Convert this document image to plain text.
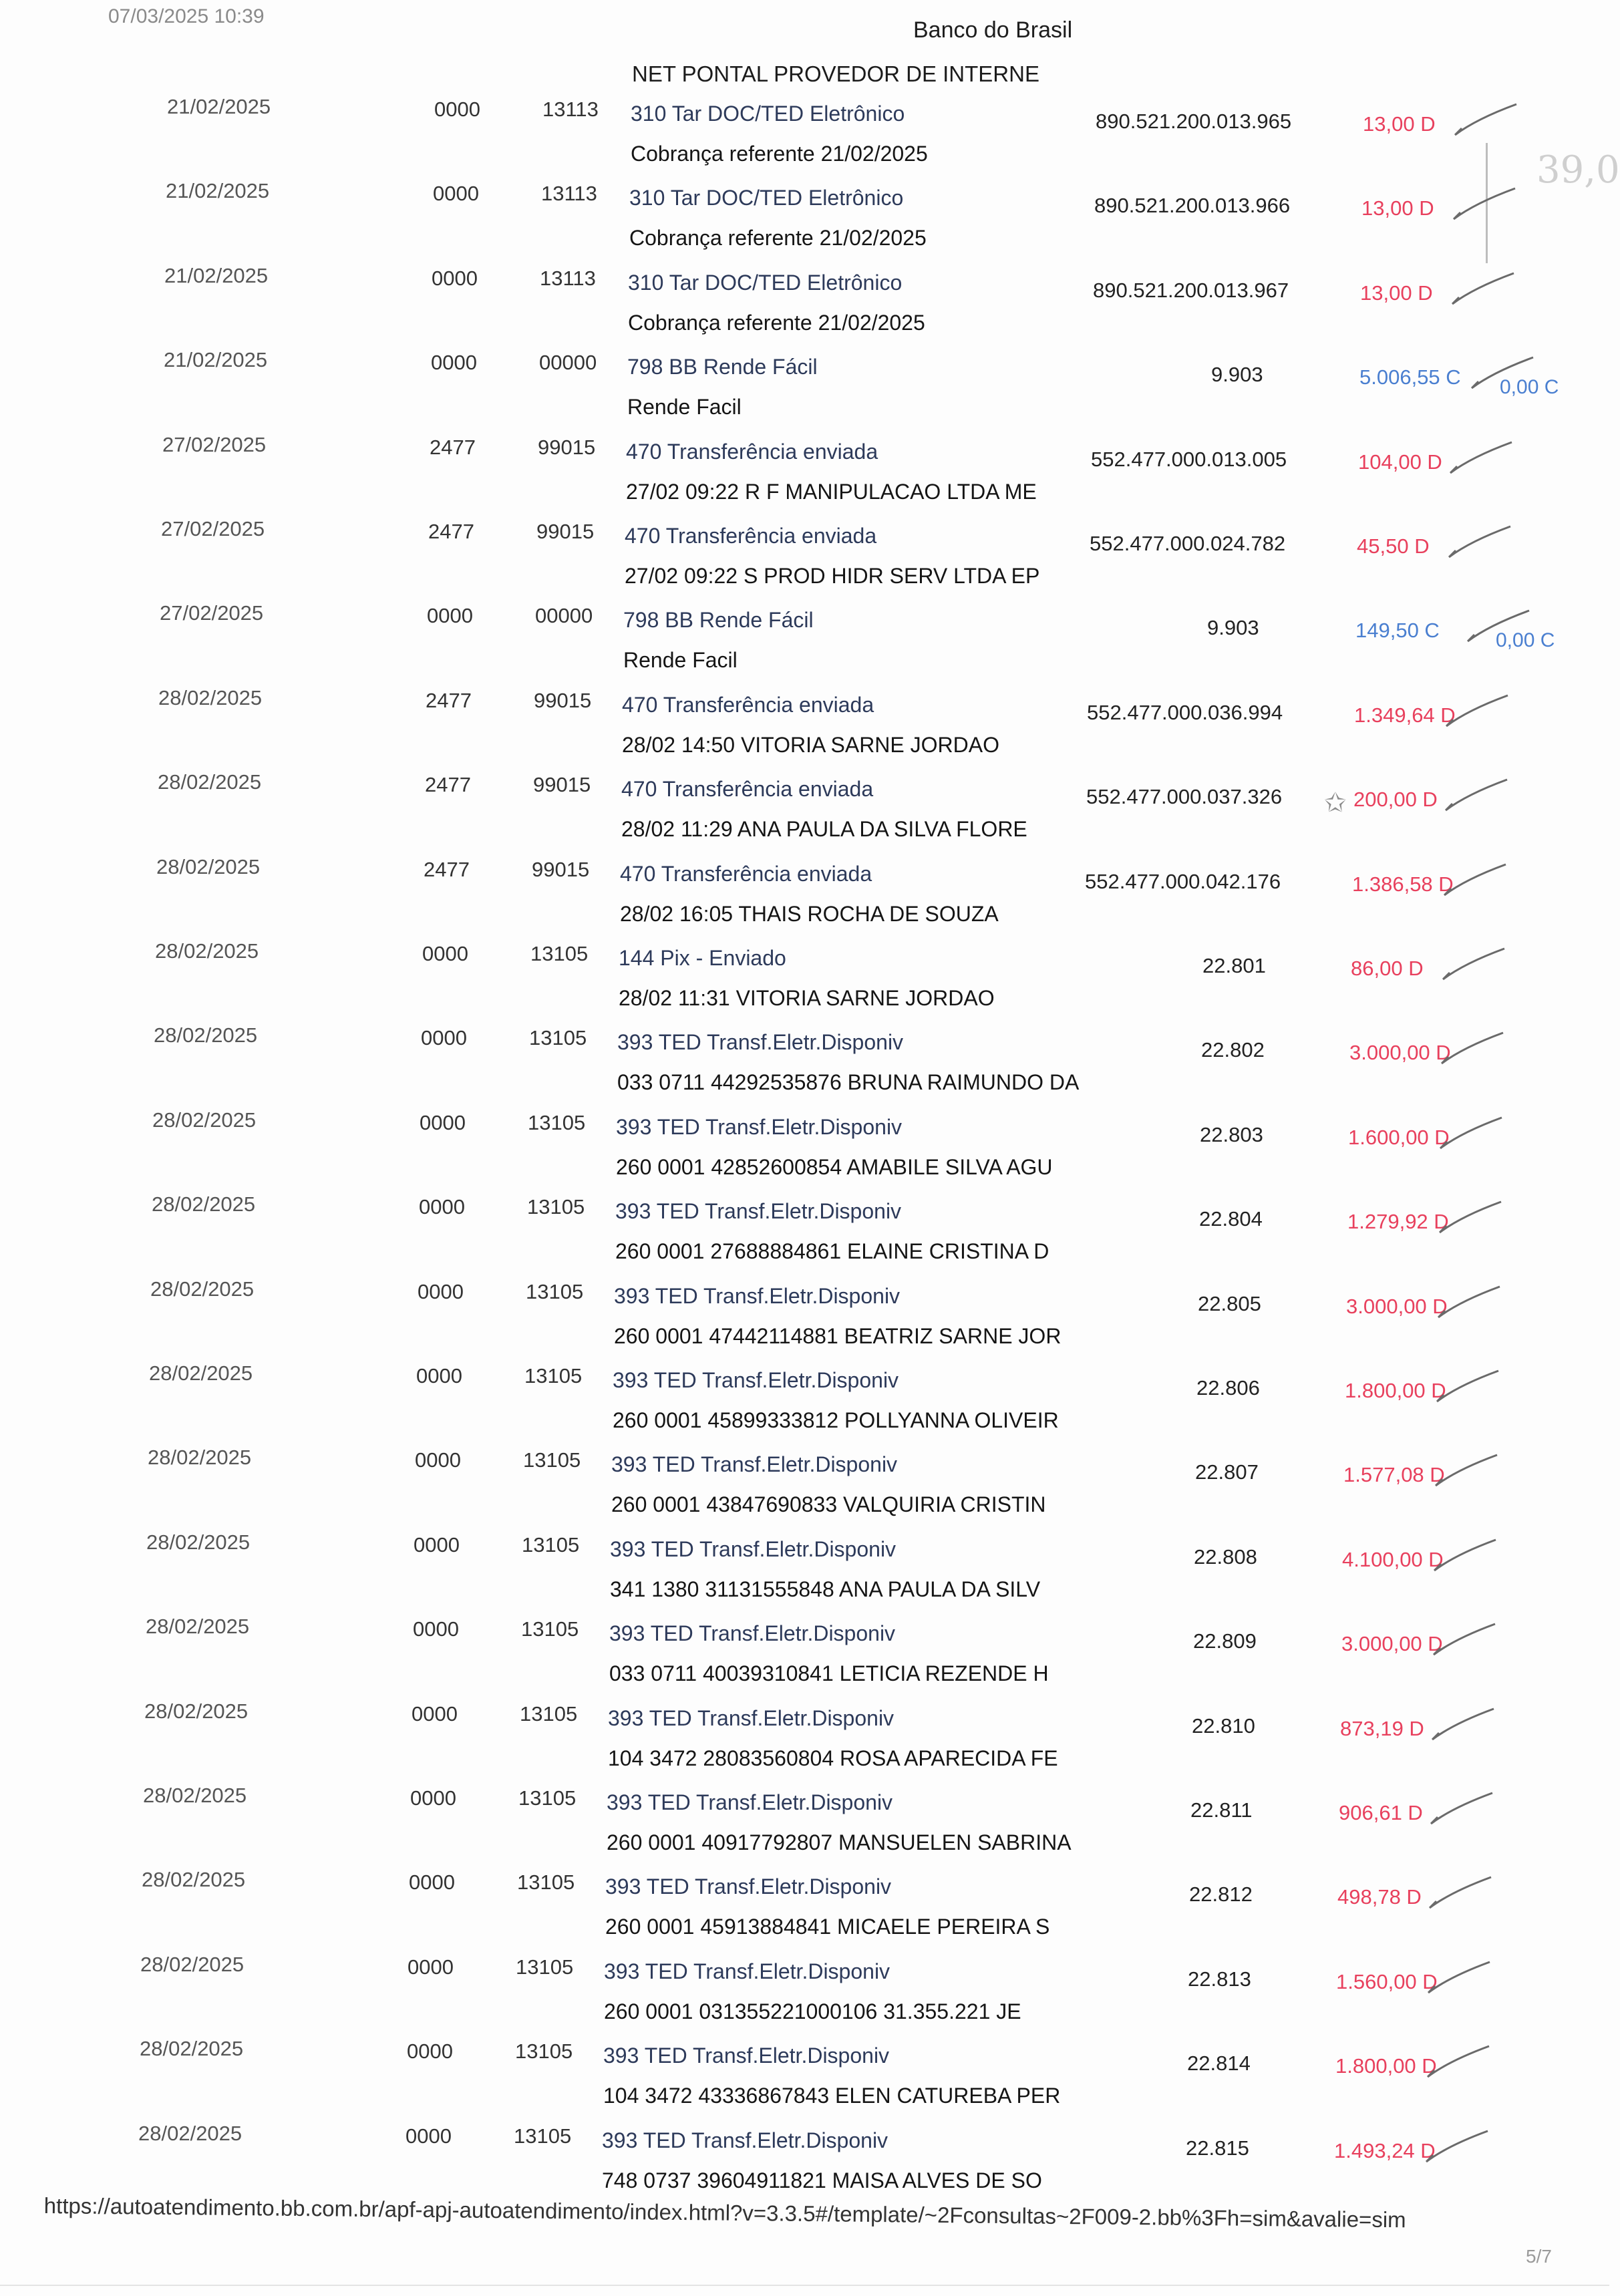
07/03/2025 10:39
Banco do Brasil
39,0
NET PONTAL PROVEDOR DE INTERNE
21/02/2025	0000	13113 310 Tar DOC/TED Eletrônico
Cobrança referente 21/02/2025
890.521.200.013.965	13,00 D
21/02/2025	0000	13113 310 Tar DOC/TED Eletrônico
Cobrança referente 21/02/2025
890.521.200.013.966	13,00 D
21/02/2025	0000	13113 310 Tar DOC/TED Eletrônico
Cobrança referente 21/02/2025
890.521.200.013.967	13,00 D
21/02/2025	0000	00000 798 BB Rende Fácil
Rende Facil
9.903	5.006,55 C 0,00 C
27/02/2025	2477	99015 470 Transferência enviada
27/02 09:22 R F MANIPULACAO LTDA ME
552.477.000.013.005	104,00 D
27/02/2025	2477	99015 470 Transferência enviada
27/02 09:22 S PROD HIDR SERV LTDA EP
552.477.000.024.782	45,50 D
27/02/2025	0000	00000 798 BB Rende Fácil
Rende Facil
9.903	149,50 C	0,00 C
28/02/2025	2477	99015 470 Transferência enviada
28/02 14:50 VITORIA SARNE JORDAO
552.477.000.036.994	1.349,64 D
28/02/2025	2477	99015 470 Transferência enviada
28/02 11:29 ANA PAULA DA SILVA FLORE
552.477.000.037.326	200,00 D
✩
28/02/2025	2477	99015 470 Transferência enviada
28/02 16:05 THAIS ROCHA DE SOUZA
552.477.000.042.176	1.386,58 D
28/02/2025	0000	13105 144 Pix - Enviado
28/02 11:31 VITORIA SARNE JORDAO
22.801	86,00 D
28/02/2025	0000	13105 393 TED Transf.Eletr.Disponiv
033 0711 44292535876 BRUNA RAIMUNDO DA
22.802	3.000,00 D
28/02/2025	0000	13105 393 TED Transf.Eletr.Disponiv
260 0001 42852600854 AMABILE SILVA AGU
22.803	1.600,00 D
28/02/2025	0000	13105 393 TED Transf.Eletr.Disponiv
260 0001 27688884861 ELAINE CRISTINA D
22.804	1.279,92 D
28/02/2025	0000	13105 393 TED Transf.Eletr.Disponiv
260 0001 47442114881 BEATRIZ SARNE JOR
22.805	3.000,00 D
28/02/2025	0000	13105 393 TED Transf.Eletr.Disponiv
260 0001 45899333812 POLLYANNA OLIVEIR
22.806	1.800,00 D
28/02/2025	0000	13105 393 TED Transf.Eletr.Disponiv
260 0001 43847690833 VALQUIRIA CRISTIN
22.807	1.577,08 D
28/02/2025	0000	13105 393 TED Transf.Eletr.Disponiv
341 1380 31131555848 ANA PAULA DA SILV
22.808	4.100,00 D
28/02/2025	0000	13105 393 TED Transf.Eletr.Disponiv
033 0711 40039310841 LETICIA REZENDE H
22.809	3.000,00 D
28/02/2025	0000	13105 393 TED Transf.Eletr.Disponiv
104 3472 28083560804 ROSA APARECIDA FE
22.810	873,19 D
28/02/2025	0000	13105 393 TED Transf.Eletr.Disponiv
260 0001 40917792807 MANSUELEN SABRINA
22.811	906,61 D
28/02/2025	0000	13105 393 TED Transf.Eletr.Disponiv
260 0001 45913884841 MICAELE PEREIRA S
22.812	498,78 D
28/02/2025	0000	13105 393 TED Transf.Eletr.Disponiv
260 0001 031355221000106 31.355.221 JE
22.813	1.560,00 D
28/02/2025	0000	13105 393 TED Transf.Eletr.Disponiv
104 3472 43336867843 ELEN CATUREBA PER
22.814	1.800,00 D
28/02/2025	0000	13105 393 TED Transf.Eletr.Disponiv
748 0737 39604911821 MAISA ALVES DE SO
22.815	1.493,24 D
https://autoatendimento.bb.com.br/apf-apj-autoatendimento/index.html?v=3.3.5#/template/~2Fconsultas~2F009-2.bb%3Fh=sim&avalie=sim
5/7
